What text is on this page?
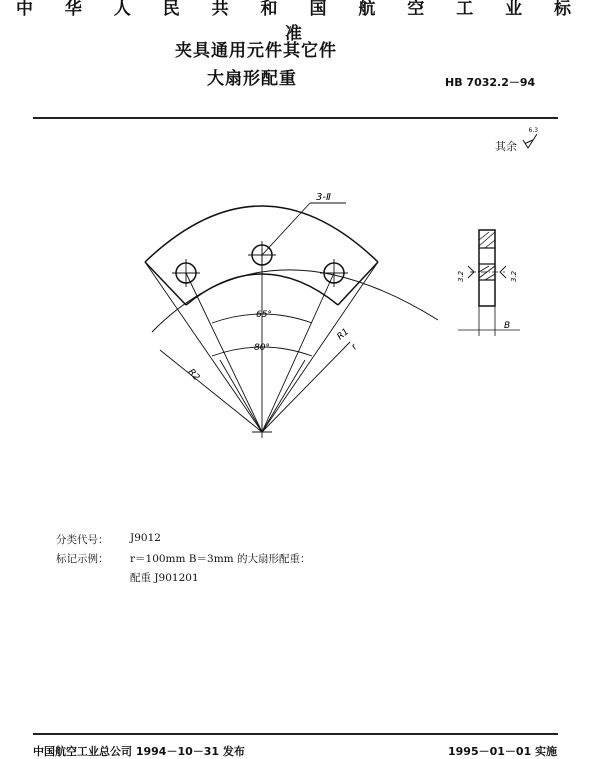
中 华 人 民 共 和 国 航 空 工 业 标 准
夹具通用元件其它件
大扇形配重	HB 7032.2－94
其余
6.3
3-Ⅱ
65°
80°
R1
R2
r
3.2	3.2
B
分类代号： J9012
标记示例： r＝100mm B＝3mm 的大扇形配重：
配重 J901201
中国航空工业总公司 1994－10－31 发布	1995－01－01 实施
